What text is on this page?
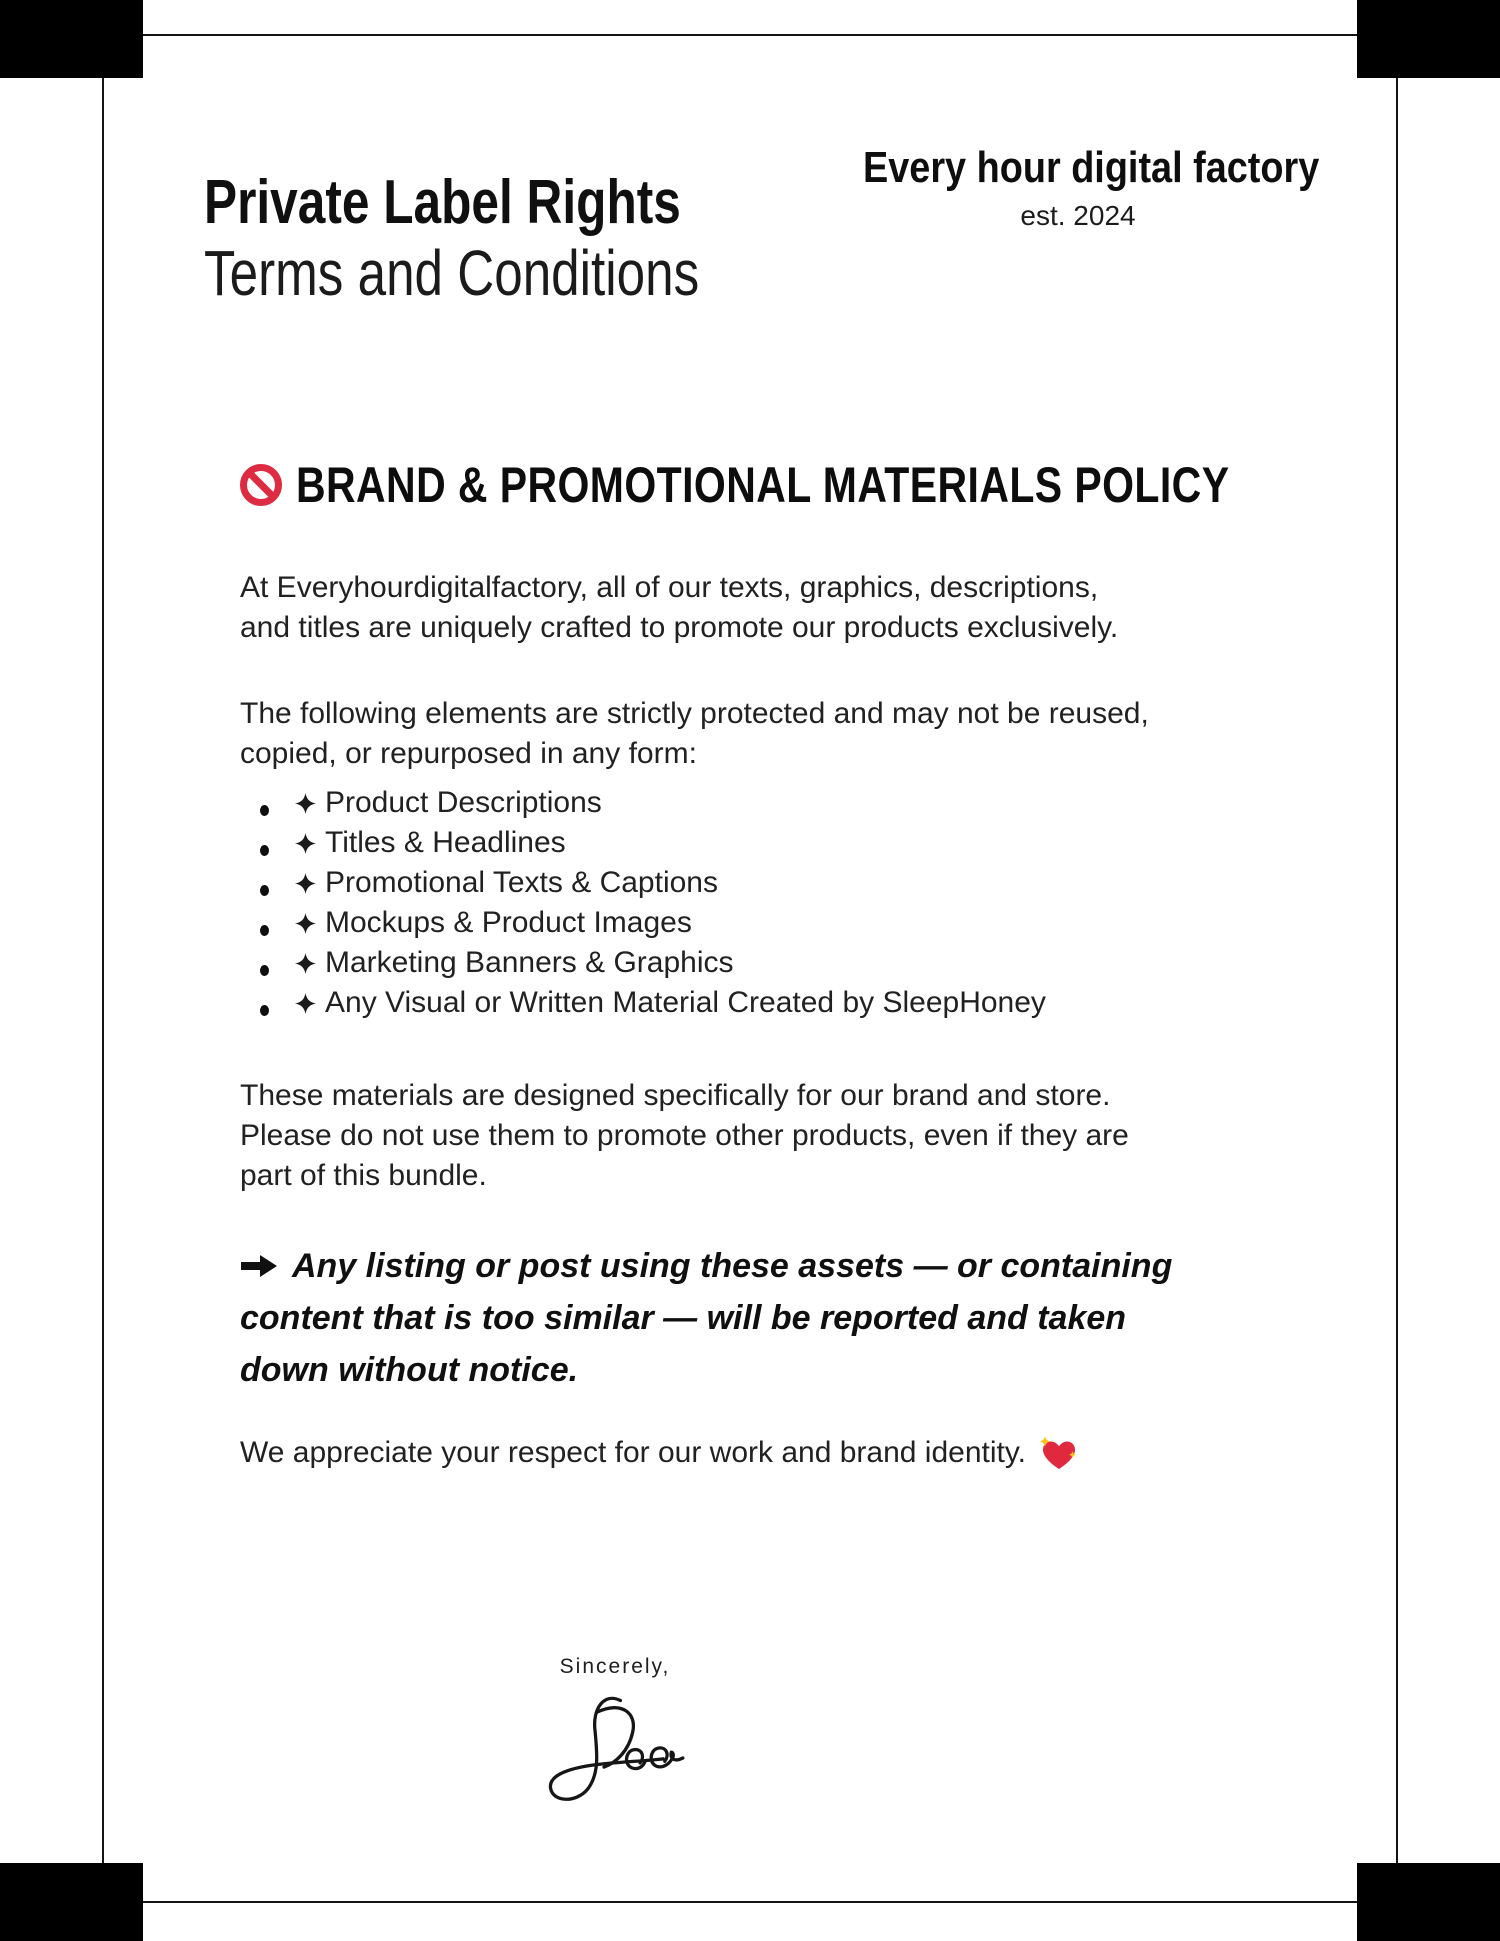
Private Label Rights
Terms and Conditions
Every hour digital factory
est. 2024
BRAND & PROMOTIONAL MATERIALS POLICY
At Everyhourdigitalfactory, all of our texts, graphics, descriptions,
and titles are uniquely crafted to promote our products exclusively.
The following elements are strictly protected and may not be reused,
copied, or repurposed in any form:
Product Descriptions
Titles & Headlines
Promotional Texts & Captions
Mockups & Product Images
Marketing Banners & Graphics
Any Visual or Written Material Created by SleepHoney
These materials are designed specifically for our brand and store.
Please do not use them to promote other products, even if they are
part of this bundle.
Any listing or post using these assets — or containing
content that is too similar — will be reported and taken
down without notice.
We appreciate your respect for our work and brand identity.
Sincerely,
